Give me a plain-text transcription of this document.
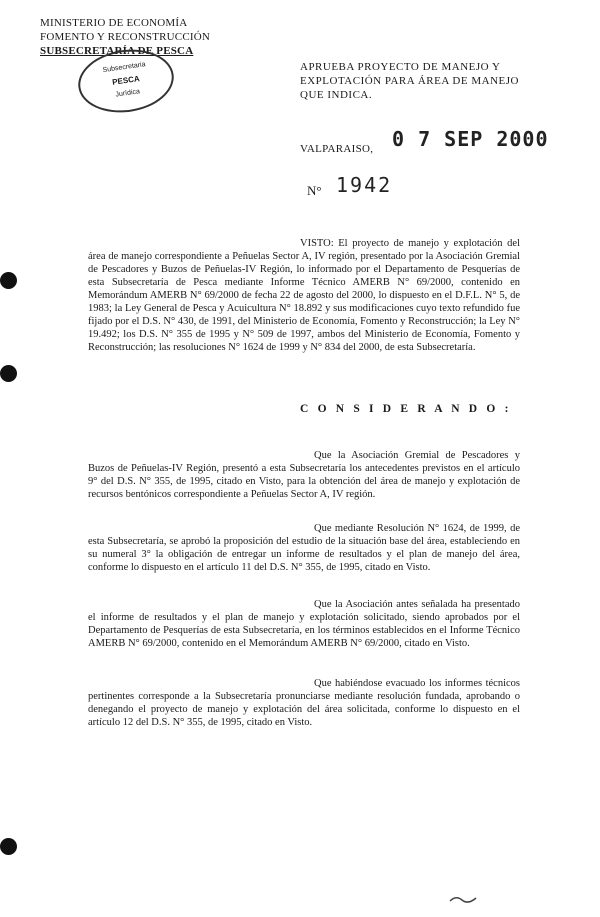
MINISTERIO DE ECONOMÍA
FOMENTO Y RECONSTRUCCIÓN
SUBSECRETARÍA DE PESCA
Subsecretaria
PESCA
Jurídica
APRUEBA PROYECTO DE MANEJO Y EXPLOTACIÓN PARA ÁREA DE MANEJO QUE INDICA.
VALPARAISO, 0 7 SEP 2000
N° 1942
VISTO: El proyecto de manejo y explotación del área de manejo correspondiente a Peñuelas Sector A, IV región, presentado por la Asociación Gremial de Pescadores y Buzos de Peñuelas-IV Región, lo informado por el Departamento de Pesquerías de esta Subsecretaría de Pesca mediante Informe Técnico AMERB N° 69/2000, contenido en Memorándum AMERB N° 69/2000 de fecha 22 de agosto del 2000, lo dispuesto en el D.F.L. N° 5, de 1983; la Ley General de Pesca y Acuicultura N° 18.892 y sus modificaciones cuyo texto refundido fue fijado por el D.S. N° 430, de 1991, del Ministerio de Economía, Fomento y Reconstrucción; la Ley N° 19.492; los D.S. N° 355 de 1995 y N° 509 de 1997, ambos del Ministerio de Economía, Fomento y Reconstrucción; las resoluciones N° 1624 de 1999 y N° 834 del 2000, de esta Subsecretaría.
C O N S I D E R A N D O :
Que la Asociación Gremial de Pescadores y Buzos de Peñuelas-IV Región, presentó a esta Subsecretaría los antecedentes previstos en el artículo 9° del D.S. N° 355, de 1995, citado en Visto, para la obtención del área de manejo y explotación de recursos bentónicos correspondiente a Peñuelas Sector A, IV región.
Que mediante Resolución N° 1624, de 1999, de esta Subsecretaría, se aprobó la proposición del estudio de la situación base del área, estableciendo en su numeral 3° la obligación de entregar un informe de resultados y el plan de manejo del área, conforme lo dispuesto en el artículo 11 del D.S. N° 355, de 1995, citado en Visto.
Que la Asociación antes señalada ha presentado el informe de resultados y el plan de manejo y explotación solicitado, siendo aprobados por el Departamento de Pesquerías de esta Subsecretaría, en los términos establecidos en el Informe Técnico AMERB N° 69/2000, contenido en el Memorándum AMERB N° 69/2000, citado en Visto.
Que habiéndose evacuado los informes técnicos pertinentes corresponde a la Subsecretaría pronunciarse mediante resolución fundada, aprobando o denegando el proyecto de manejo y explotación del área solicitada, conforme lo dispuesto en el artículo 12 del D.S. N° 355, de 1995, citado en Visto.
